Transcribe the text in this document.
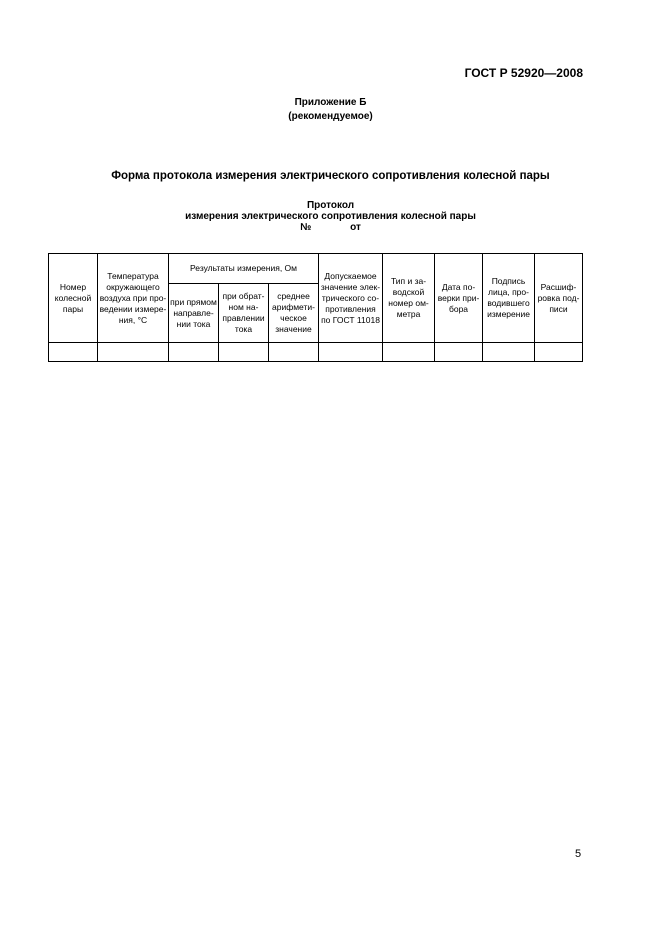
ГОСТ Р 52920—2008
Приложение Б
(рекомендуемое)
Форма протокола измерения электрического сопротивления колесной пары
Протокол
измерения электрического сопротивления колесной пары
№	от
Номер колесной пары	Температура окружающего воздуха при про-ведении измере-ния, °С	Результаты измерения, Ом			Допускаемое значение элек-трического со-противления по ГОСТ 11018	Тип и за-водской номер ом-метра	Дата по-верки при-бора	Подпись лица, про-водившего измерение	Расшиф-ровка под-писи
		при прямом направле-нии тока	при обрат-ном на-правлении тока	среднее арифмети-ческое значение					

5
